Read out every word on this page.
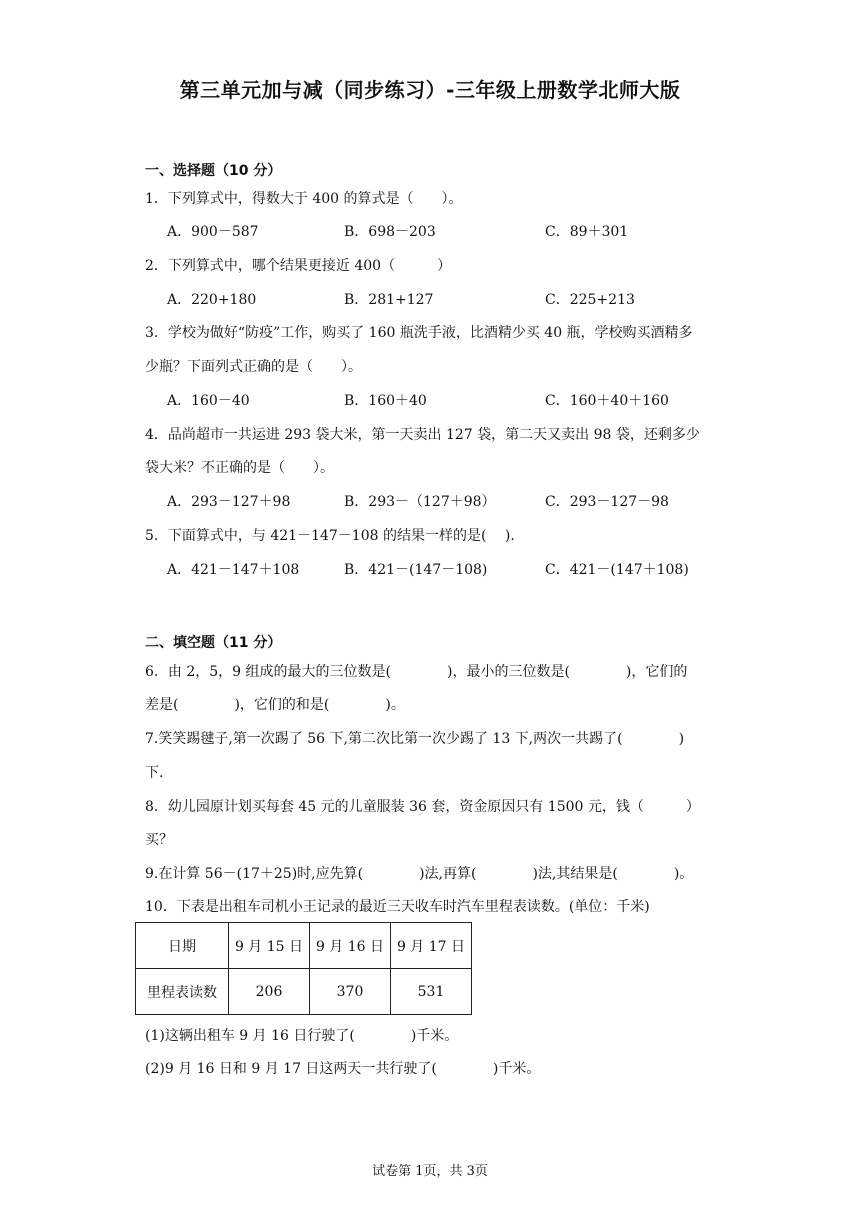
第三单元加与减（同步练习）-三年级上册数学北师大版
一、选择题（10 分）
1．下列算式中，得数大于 400 的算式是（　　）。
A．900－587	B．698－203	C．89＋301
2．下列算式中，哪个结果更接近 400（　　　）
A．220+180	B．281+127	C．225+213
3．学校为做好“防疫”工作，购买了 160 瓶洗手液，比酒精少买 40 瓶，学校购买酒精多
少瓶？下面列式正确的是（　　）。
A．160－40	B．160＋40	C．160＋40＋160
4．品尚超市一共运进 293 袋大米，第一天卖出 127 袋，第二天又卖出 98 袋，还剩多少
袋大米？不正确的是（　　）。
A．293－127＋98	B．293－（127＋98）	C．293－127－98
5．下面算式中，与 421－147－108 的结果一样的是(　 ).
A．421－147＋108	B．421－(147－108)	C．421－(147＋108)
二、填空题（11 分）
6．由 2，5，9 组成的最大的三位数是(　　　　)，最小的三位数是(　　　　)，它们的
差是(　　　　)，它们的和是(　　　　)。
7.笑笑踢毽子,第一次踢了 56 下,第二次比第一次少踢了 13 下,两次一共踢了(　　　　)
下.
8．幼儿园原计划买每套 45 元的儿童服装 36 套，资金原因只有 1500 元，钱（　　　）
买？
9.在计算 56－(17＋25)时,应先算(　　　　)法,再算(　　　　)法,其结果是(　　　　)。
10．下表是出租车司机小王记录的最近三天收车时汽车里程表读数。(单位：千米)
日期	9 月 15 日	9 月 16 日	9 月 17 日
里程表读数	206	370	531
(1)这辆出租车 9 月 16 日行驶了(　　　　)千米。
(2)9 月 16 日和 9 月 17 日这两天一共行驶了(　　　　)千米。
试卷第 1页，共 3页
